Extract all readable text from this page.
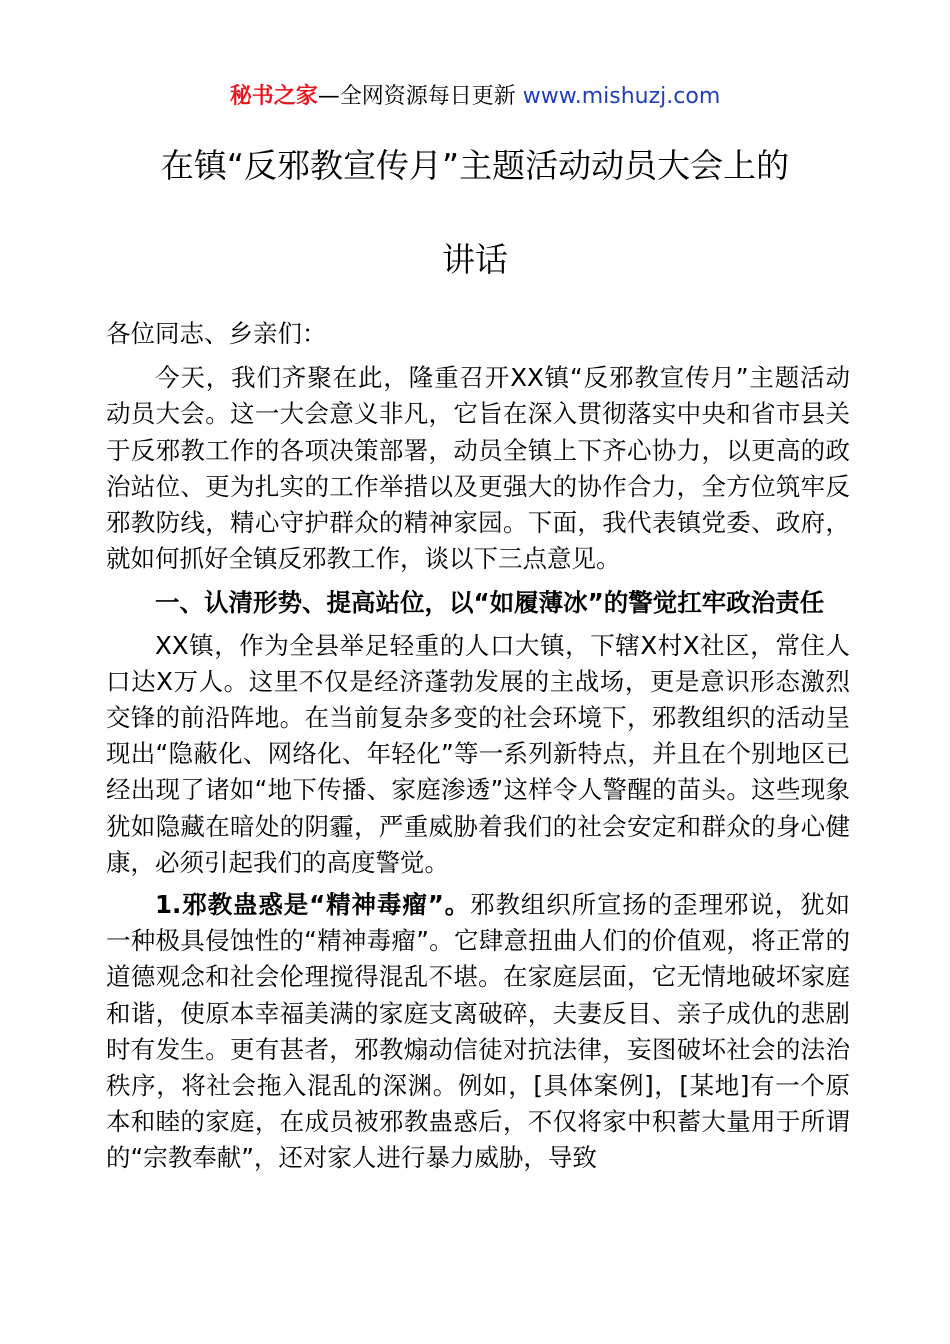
秘书之家—全网资源每日更新 www.mishuzj.com
在镇“反邪教宣传月”主题活动动员大会上的
讲话

各位同志、乡亲们：

今天，我们齐聚在此，隆重召开XX镇“反邪教宣传月”主题活动动员大会。这一大会意义非凡，它旨在深入贯彻落实中央和省市县关于反邪教工作的各项决策部署，动员全镇上下齐心协力，以更高的政治站位、更为扎实的工作举措以及更强大的协作合力，全方位筑牢反邪教防线，精心守护群众的精神家园。下面，我代表镇党委、政府，就如何抓好全镇反邪教工作，谈以下三点意见。

一、认清形势、提高站位，以“如履薄冰”的警觉扛牢政治责任

XX镇，作为全县举足轻重的人口大镇，下辖X村X社区，常住人口达X万人。这里不仅是经济蓬勃发展的主战场，更是意识形态激烈交锋的前沿阵地。在当前复杂多变的社会环境下，邪教组织的活动呈现出“隐蔽化、网络化、年轻化”等一系列新特点，并且在个别地区已经出现了诸如“地下传播、家庭渗透”这样令人警醒的苗头。这些现象犹如隐藏在暗处的阴霾，严重威胁着我们的社会安定和群众的身心健康，必须引起我们的高度警觉。

1.邪教蛊惑是“精神毒瘤”。邪教组织所宣扬的歪理邪说，犹如一种极具侵蚀性的“精神毒瘤”。它肆意扭曲人们的价值观，将正常的道德观念和社会伦理搅得混乱不堪。在家庭层面，它无情地破坏家庭和谐，使原本幸福美满的家庭支离破碎，夫妻反目、亲子成仇的悲剧时有发生。更有甚者，邪教煽动信徒对抗法律，妄图破坏社会的法治秩序，将社会拖入混乱的深渊。例如，[具体案例]，[某地]有一个原本和睦的家庭，在成员被邪教蛊惑后，不仅将家中积蓄大量用于所谓的“宗教奉献”，还对家人进行暴力威胁，导致
